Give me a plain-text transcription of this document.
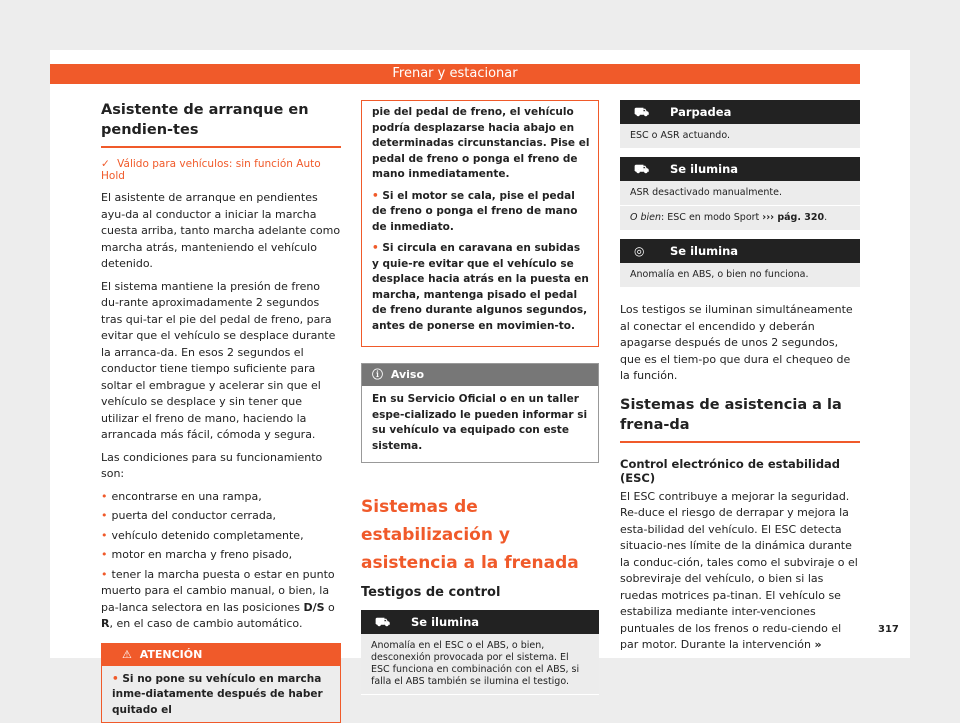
Frenar y estacionar
Asistente de arranque en pendien-tes
✓ Válido para vehículos: sin función Auto Hold

El asistente de arranque en pendientes ayu-da al conductor a iniciar la marcha cuesta arriba, tanto marcha adelante como marcha atrás, manteniendo el vehículo detenido.

El sistema mantiene la presión de freno du-rante aproximadamente 2 segundos tras qui-tar el pie del pedal de freno, para evitar que el vehículo se desplace durante la arranca-da. En esos 2 segundos el conductor tiene tiempo suficiente para soltar el embrague y acelerar sin que el vehículo se desplace y sin tener que utilizar el freno de mano, haciendo la arrancada más fácil, cómoda y segura.

Las condiciones para su funcionamiento son:

• encontrarse en una rampa,
• puerta del conductor cerrada,
• vehículo detenido completamente,
• motor en marcha y freno pisado,
• tener la marcha puesta o estar en punto muerto para el cambio manual, o bien, la pa-lanca selectora en las posiciones D/S o R, en el caso de cambio automático.
⚠ ATENCIÓN
• Si no pone su vehículo en marcha inme-diatamente después de haber quitado el

pie del pedal de freno, el vehículo podría desplazarse hacia abajo en determinadas circunstancias. Pise el pedal de freno o ponga el freno de mano inmediatamente.

• Si el motor se cala, pise el pedal de freno o ponga el freno de mano de inmediato.

• Si circula en caravana en subidas y quie-re evitar que el vehículo se desplace hacia atrás en la puesta en marcha, mantenga pisado el pedal de freno durante algunos segundos, antes de ponerse en movimien-to.

ⓘ Aviso
En su Servicio Oficial o en un taller espe-cializado le pueden informar si su vehículo va equipado con este sistema.
Sistemas de estabilización y asistencia a la frenada
Testigos de control
⛟ Se ilumina
Anomalía en el ESC o el ABS, o bien, desconexión provocada por el sistema. El ESC funciona en combinación con el ABS, si falla el ABS también se ilumina el testigo.
⛟ Parpadea
ESC o ASR actuando.
⛟ Se ilumina
ASR desactivado manualmente.
O bien: ESC en modo Sport ››› pág. 320.
◎ Se ilumina
Anomalía en ABS, o bien no funciona.

Los testigos se iluminan simultáneamente al conectar el encendido y deberán apagarse después de unos 2 segundos, que es el tiem-po que dura el chequeo de la función.

Sistemas de asistencia a la frena-da
Control electrónico de estabilidad (ESC)

El ESC contribuye a mejorar la seguridad. Re-duce el riesgo de derrapar y mejora la esta-bilidad del vehículo. El ESC detecta situacio-nes límite de la dinámica durante la conduc-ción, tales como el subviraje o el sobreviraje del vehículo, o bien si las ruedas motrices pa-tinan. El vehículo se estabiliza mediante inter-venciones puntuales de los frenos o redu-ciendo el par motor. Durante la intervención »

317
